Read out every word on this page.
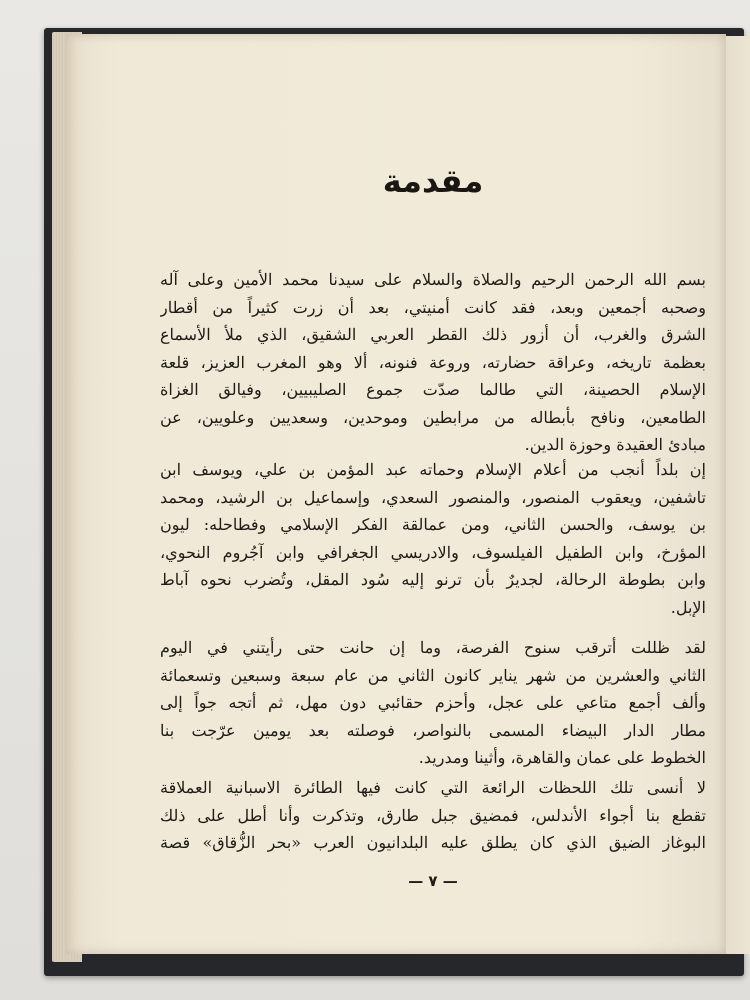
مقدمة
بسم الله الرحمن الرحيم والصلاة والسلام على سيدنا محمد الأمين وعلى آله
وصحبه أجمعين وبعد، فقد كانت أمنيتي، بعد أن زرت كثيراً من أقطار
الشرق والغرب، أن أزور ذلك القطر العربي الشقيق، الذي ملأ الأسماع
بعظمة تاريخه، وعراقة حضارته، وروعة فنونه، ألا وهو المغرب العزيز، قلعة
الإسلام الحصينة، التي طالما صدّت جموع الصليبيين، وفيالق الغزاة
الطامعين، ونافح بأبطاله من مرابطين وموحدين، وسعديين وعلويين، عن
مبادئ العقيدة وحوزة الدين.
إن بلداً أنجب من أعلام الإسلام وحماته عبد المؤمن بن علي، ويوسف ابن
تاشفين، ويعقوب المنصور، والمنصور السعدي، وإسماعيل بن الرشيد، ومحمد
بن يوسف، والحسن الثاني، ومن عمالقة الفكر الإسلامي وفطاحله: ليون
المؤرخ، وابن الطفيل الفيلسوف، والادريسي الجغرافي وابن آجُروم النحوي،
وابن بطوطة الرحالة، لجديرٌ بأن ترنو إليه سُود المقل، وتُضرب نحوه آباط
الإبل.
لقد ظللت أترقب سنوح الفرصة، وما إن حانت حتى رأيتني في اليوم
الثاني والعشرين من شهر يناير كانون الثاني من عام سبعة وسبعين وتسعمائة
وألف أجمع متاعي على عجل، وأحزم حقائبي دون مهل، ثم أتجه جواً إلى
مطار الدار البيضاء المسمى بالنواصر، فوصلته بعد يومين عرّجت بنا
الخطوط على عمان والقاهرة، وأثينا ومدريد.
لا أنسى تلك اللحظات الرائعة التي كانت فيها الطائرة الاسبانية العملاقة
تقطع بنا أجواء الأندلس، فمضيق جبل طارق، وتذكرت وأنا أطل على ذلك
البوغاز الضيق الذي كان يطلق عليه البلدانيون العرب «بحر الزُّقاق» قصة
— ٧ —
